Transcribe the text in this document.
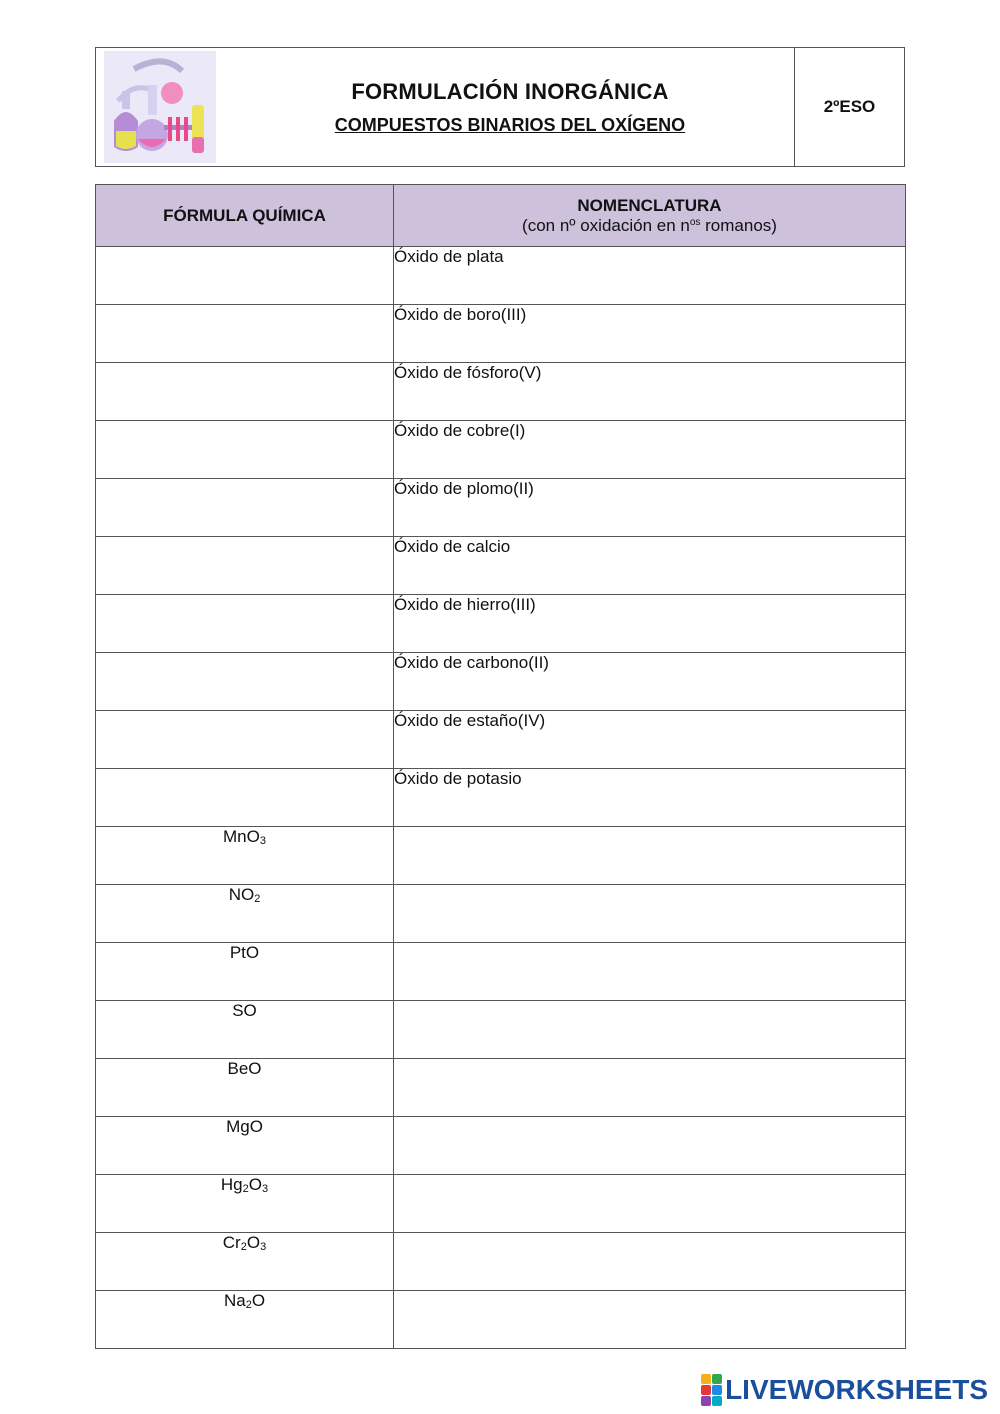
FORMULACIÓN INORGÁNICA
COMPUESTOS BINARIOS DEL OXÍGENO
2ºESO
FÓRMULA QUÍMICA	NOMENCLATURA
(con nº oxidación en $n^{os}$ romanos)

	Óxido de plata
	Óxido de boro(III)
	Óxido de fósforo(V)
	Óxido de cobre(I)
	Óxido de plomo(II)
	Óxido de calcio
	Óxido de hierro(III)
	Óxido de carbono(II)
	Óxido de estaño(IV)
	Óxido de potasio
MnO$_3$	
$NO_2$	
PtO	
SO	
BeO	
MgO	
$Hg_2O_3$	
$Cr_2O_3$	
$Na_2O$	
LIVEWORKSHEETS
